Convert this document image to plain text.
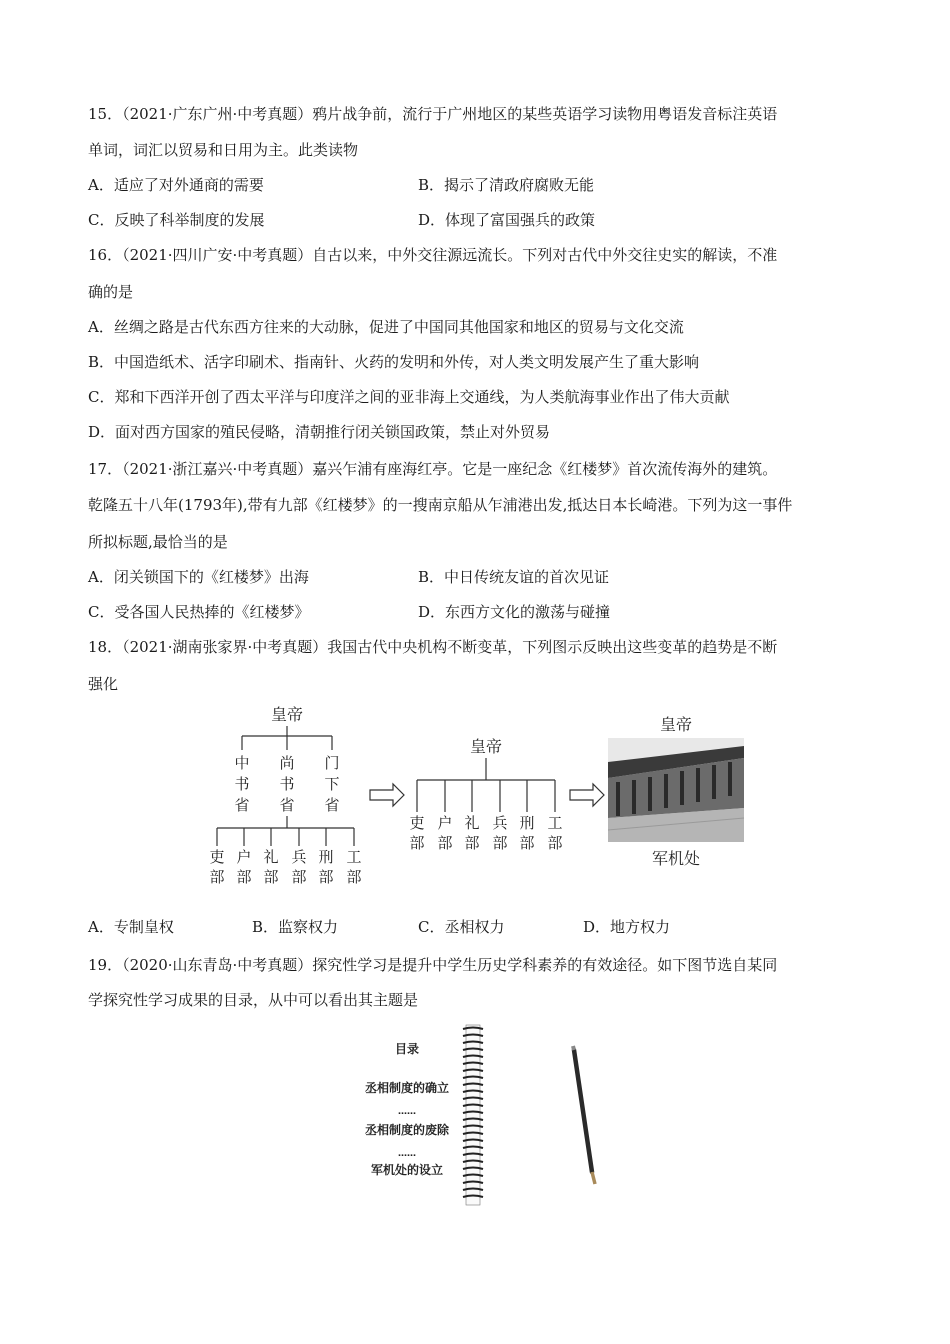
15．（2021·广东广州·中考真题）鸦片战争前，流行于广州地区的某些英语学习读物用粤语发音标注英语
单词，词汇以贸易和日用为主。此类读物
A．适应了对外通商的需要	B．揭示了清政府腐败无能
C．反映了科举制度的发展	D．体现了富国强兵的政策
16．（2021·四川广安·中考真题）自古以来，中外交往源远流长。下列对古代中外交往史实的解读，不准
确的是
A．丝绸之路是古代东西方往来的大动脉，促进了中国同其他国家和地区的贸易与文化交流
B．中国造纸术、活字印刷术、指南针、火药的发明和外传，对人类文明发展产生了重大影响
C．郑和下西洋开创了西太平洋与印度洋之间的亚非海上交通线，为人类航海事业作出了伟大贡献
D．面对西方国家的殖民侵略，清朝推行闭关锁国政策，禁止对外贸易
17．（2021·浙江嘉兴·中考真题）嘉兴乍浦有座海红亭。它是一座纪念《红楼梦》首次流传海外的建筑。
乾隆五十八年(1793年),带有九部《红楼梦》的一搜南京船从乍浦港出发,抵达日本长崎港。下列为这一事件
所拟标题,最恰当的是
A．闭关锁国下的《红楼梦》出海	B．中日传统友谊的首次见证
C．受各国人民热捧的《红楼梦》	D．东西方文化的激荡与碰撞
18．（2021·湖南张家界·中考真题）我国古代中央机构不断变革，下列图示反映出这些变革的趋势是不断
强化
皇帝
中书省
尚书省
门下省
吏部
户部
礼部
兵部
刑部
工部
皇帝
吏部
户部
礼部
兵部
刑部
工部
皇帝
军机处
A．专制皇权	B．监察权力	C．丞相权力	D．地方权力
19．（2020·山东青岛·中考真题）探究性学习是提升中学生历史学科素养的有效途径。如下图节选自某同
学探究性学习成果的目录，从中可以看出其主题是
目录
丞相制度的确立
……
丞相制度的废除
……
军机处的设立
